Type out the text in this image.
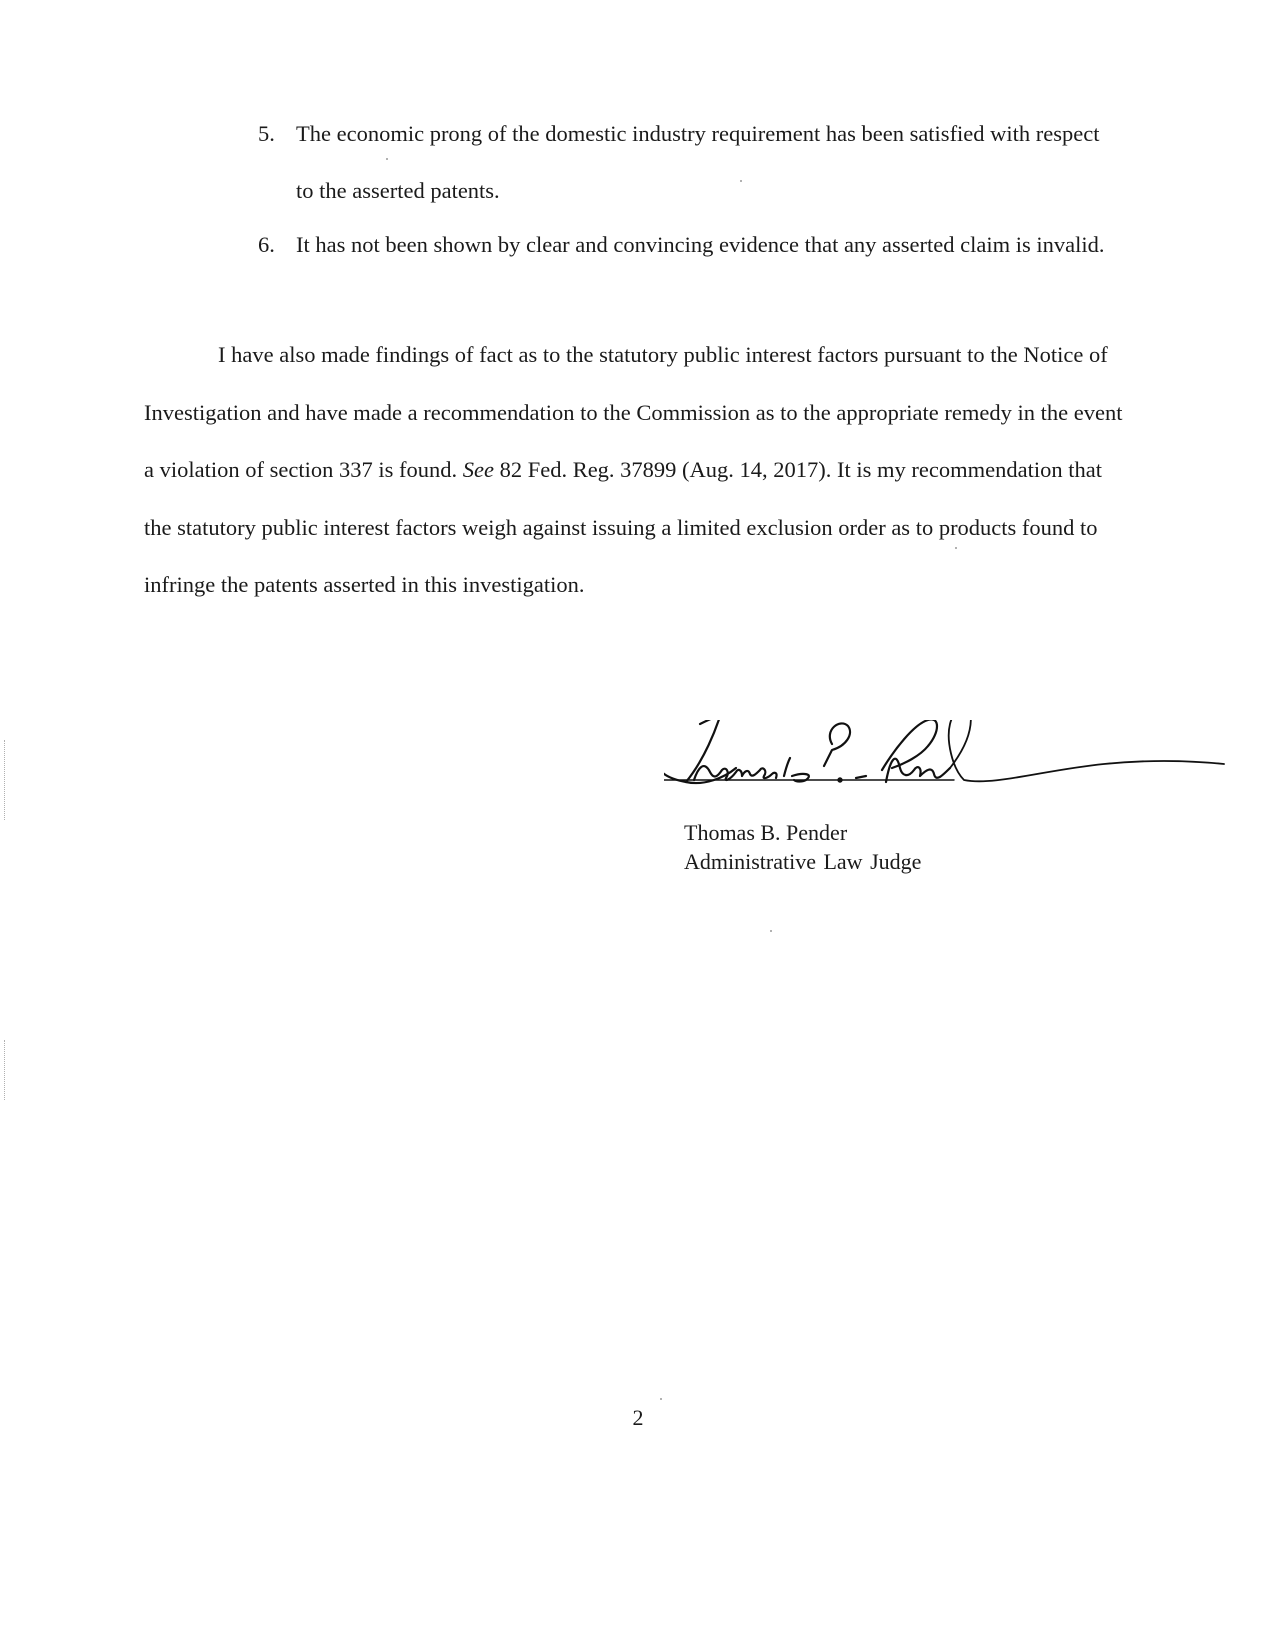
5. The economic prong of the domestic industry requirement has been satisfied with respect to the asserted patents.
6. It has not been shown by clear and convincing evidence that any asserted claim is invalid.

I have also made findings of fact as to the statutory public interest factors pursuant to the Notice of Investigation and have made a recommendation to the Commission as to the appropriate remedy in the event a violation of section 337 is found. See 82 Fed. Reg. 37899 (Aug. 14, 2017). It is my recommendation that the statutory public interest factors weigh against issuing a limited exclusion order as to products found to infringe the patents asserted in this investigation.

Thomas B. Pender
Administrative Law Judge
2
